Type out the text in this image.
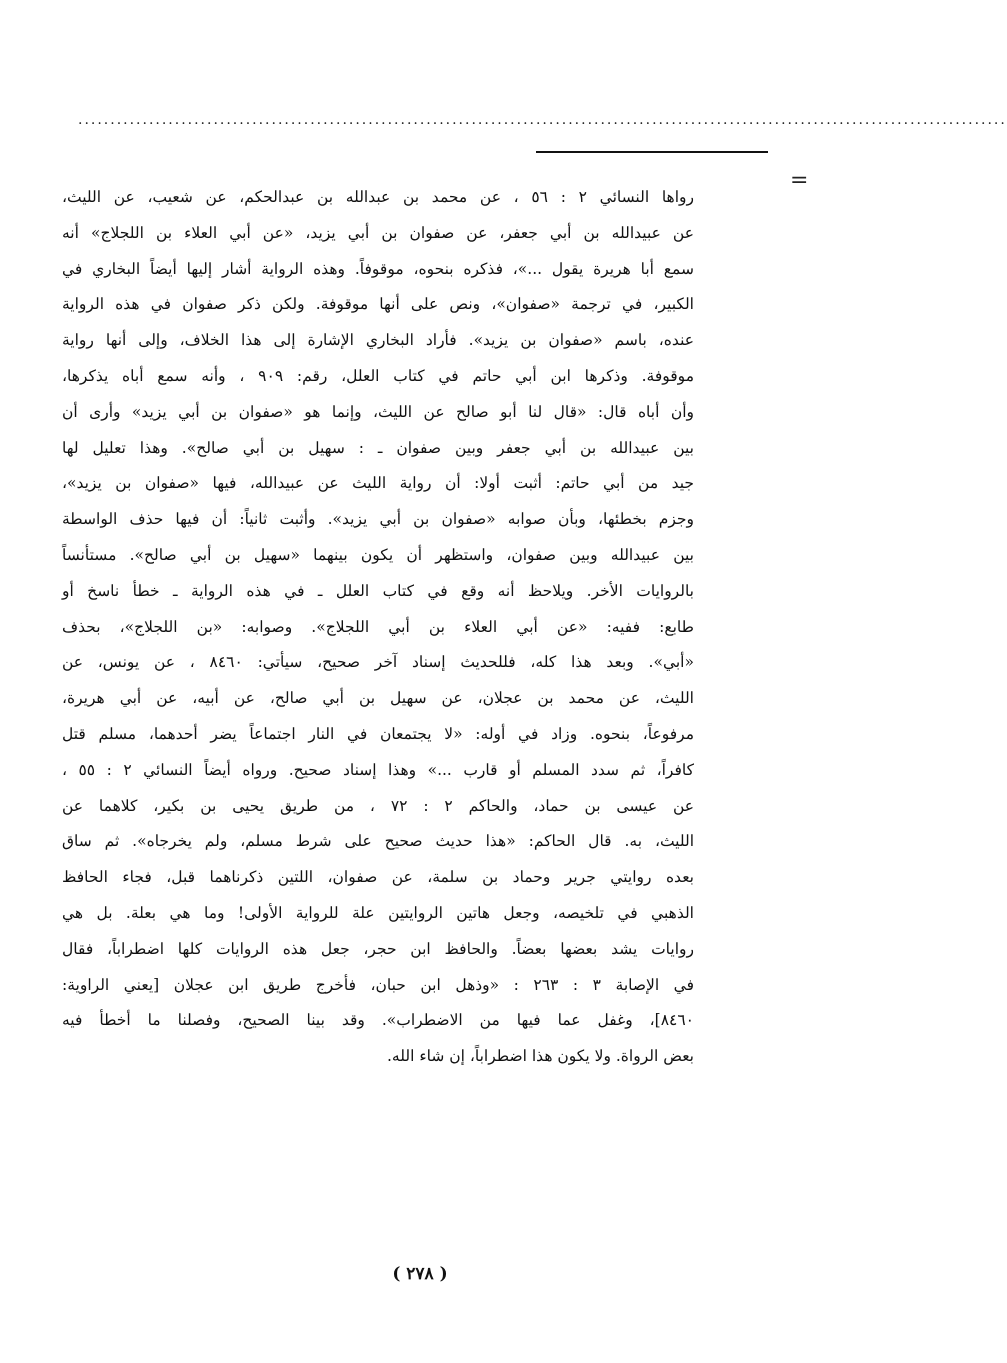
................................................................................................................................................
=
رواها النسائي ٢ : ٥٦ ، عن محمد بن عبدالله بن عبدالحكم، عن شعيب، عن الليث،
عن عبيدالله بن أبي جعفر، عن صفوان بن أبي يزيد، «عن أبي العلاء بن اللجلاج» أنه
سمع أبا هريرة يقول ...»، فذكره بنحوه، موقوفاً. وهذه الرواية أشار إليها أيضاً البخاري في
الكبير، في ترجمة «صفوان»، ونص على أنها موقوفة. ولكن ذكر صفوان في هذه الرواية
عنده، باسم «صفوان بن يزيد». فأراد البخاري الإشارة إلى هذا الخلاف، وإلى أنها رواية
موقوفة. وذكرها ابن أبي حاتم في كتاب العلل، رقم: ٩٠٩ ، وأنه سمع أباه يذكرها،
وأن أباه قال: «قال لنا أبو صالح عن الليث، وإنما هو «صفوان بن أبي يزيد» وأرى أن
بين عبيدالله بن أبي جعفر وبين صفوان ـ : سهيل بن أبي صالح». وهذا تعليل لها
جيد من أبي حاتم: أثبت أولا: أن رواية الليث عن عبيدالله، فيها «صفوان بن يزيد»،
وجزم بخطئها، وبأن صوابه «صفوان بن أبي يزيد». وأثبت ثانياً: أن فيها حذف الواسطة
بين عبيدالله وبين صفوان، واستظهر أن يكون بينهما «سهيل بن أبي صالح». مستأنساً
بالروايات الأخر. ويلاحظ أنه وقع في كتاب العلل ـ في هذه الرواية ـ خطأ ناسخ أو
طابع: ففيه: «عن أبي العلاء بن أبي اللجلاج». وصوابه: «بن اللجلاج»، بحذف
«أبي». وبعد هذا كله، فللحديث إسناد آخر صحيح، سيأتي: ٨٤٦٠ ، عن يونس، عن
الليث، عن محمد بن عجلان، عن سهيل بن أبي صالح، عن أبيه، عن أبي هريرة،
مرفوعاً، بنحوه. وزاد في أوله: «لا يجتمعان في النار اجتماعاً يضر أحدهما، مسلم قتل
كافراً، ثم سدد المسلم أو قارب ...» وهذا إسناد صحيح. ورواه أيضاً النسائي ٢ : ٥٥ ،
عن عيسى بن حماد، والحاكم ٢ : ٧٢ ، من طريق يحيى بن بكير، كلاهما عن
الليث، به. قال الحاكم: «هذا حديث صحيح على شرط مسلم، ولم يخرجاه». ثم ساق
بعده روايتي جرير وحماد بن سلمة، عن صفوان، اللتين ذكرناهما قبل، فجاء الحافظ
الذهبي في تلخيصه، وجعل هاتين الروايتين علة للرواية الأولى! وما هي بعلة. بل هي
روايات يشد بعضها بعضاً. والحافظ ابن حجر، جعل هذه الروايات كلها اضطراباً، فقال
في الإصابة ٣ : ٢٦٣ : «وذهل ابن حبان، فأخرج طريق ابن عجلان [يعني الراوية:
٨٤٦٠]، وغفل عما فيها من الاضطراب». وقد بينا الصحيح، وفصلنا ما أخطأ فيه
بعض الرواة. ولا يكون هذا اضطراباً، إن شاء الله.
( ٢٧٨ )
